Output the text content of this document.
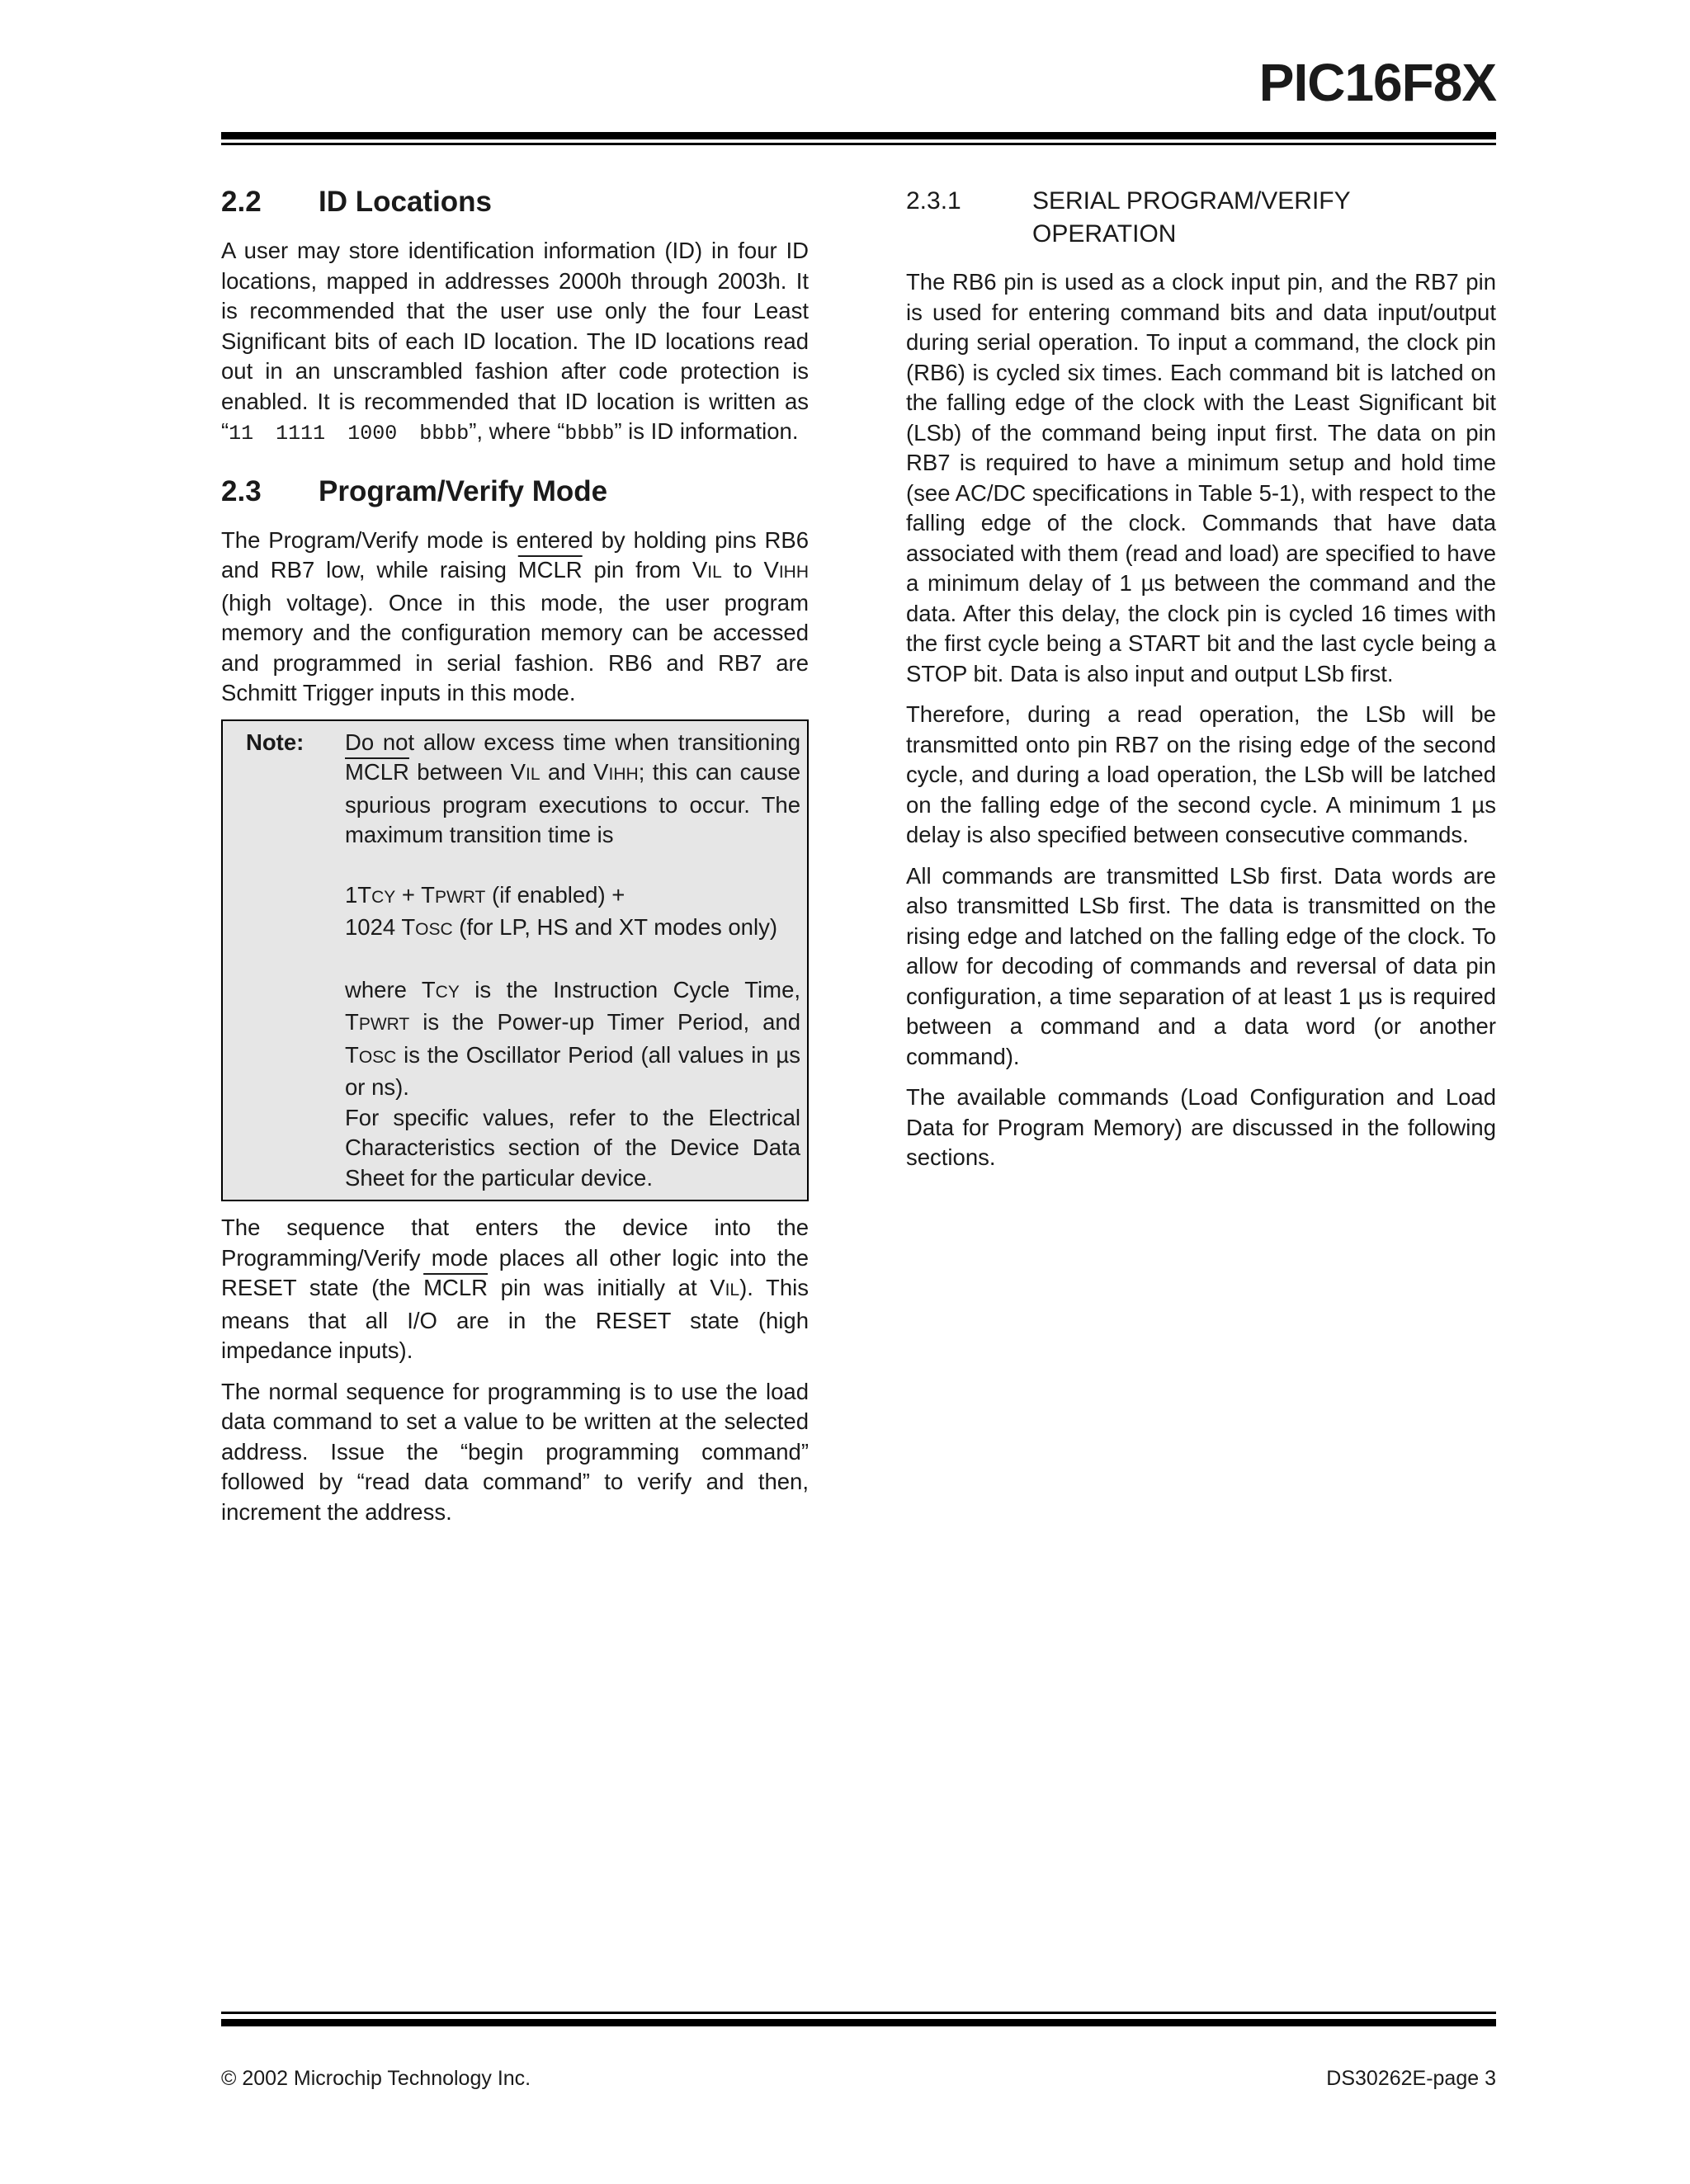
PIC16F8X
2.2	ID Locations

A user may store identification information (ID) in four ID locations, mapped in addresses 2000h through 2003h. It is recommended that the user use only the four Least Significant bits of each ID location. The ID locations read out in an unscrambled fashion after code protection is enabled. It is recommended that ID location is written as “11 1111 1000 bbbb”, where “bbbb” is ID information.

2.3	Program/Verify Mode

The Program/Verify mode is entered by holding pins RB6 and RB7 low, while raising MCLR pin from VIL to VIHH (high voltage). Once in this mode, the user program memory and the configuration memory can be accessed and programmed in serial fashion. RB6 and RB7 are Schmitt Trigger inputs in this mode.

Note:	Do not allow excess time when transitioning MCLR between VIL and VIHH; this can cause spurious program executions to occur. The maximum transition time is

1TCY + TPWRT (if enabled) +

1024 TOSC (for LP, HS and XT modes only)

where TCY is the Instruction Cycle Time, TPWRT is the Power-up Timer Period, and TOSC is the Oscillator Period (all values in µs or ns).

For specific values, refer to the Electrical Characteristics section of the Device Data Sheet for the particular device.

The sequence that enters the device into the Programming/Verify mode places all other logic into the RESET state (the MCLR pin was initially at VIL). This means that all I/O are in the RESET state (high impedance inputs).

The normal sequence for programming is to use the load data command to set a value to be written at the selected address. Issue the “begin programming command” followed by “read data command” to verify and then, increment the address.

2.3.1	SERIAL PROGRAM/VERIFY OPERATION

The RB6 pin is used as a clock input pin, and the RB7 pin is used for entering command bits and data input/output during serial operation. To input a command, the clock pin (RB6) is cycled six times. Each command bit is latched on the falling edge of the clock with the Least Significant bit (LSb) of the command being input first. The data on pin RB7 is required to have a minimum setup and hold time (see AC/DC specifications in Table 5-1), with respect to the falling edge of the clock. Commands that have data associated with them (read and load) are specified to have a minimum delay of 1 µs between the command and the data. After this delay, the clock pin is cycled 16 times with the first cycle being a START bit and the last cycle being a STOP bit. Data is also input and output LSb first.

Therefore, during a read operation, the LSb will be transmitted onto pin RB7 on the rising edge of the second cycle, and during a load operation, the LSb will be latched on the falling edge of the second cycle. A minimum 1 µs delay is also specified between consecutive commands.

All commands are transmitted LSb first. Data words are also transmitted LSb first. The data is transmitted on the rising edge and latched on the falling edge of the clock. To allow for decoding of commands and reversal of data pin configuration, a time separation of at least 1 µs is required between a command and a data word (or another command).

The available commands (Load Configuration and Load Data for Program Memory) are discussed in the following sections.

© 2002 Microchip Technology Inc.	DS30262E-page 3
